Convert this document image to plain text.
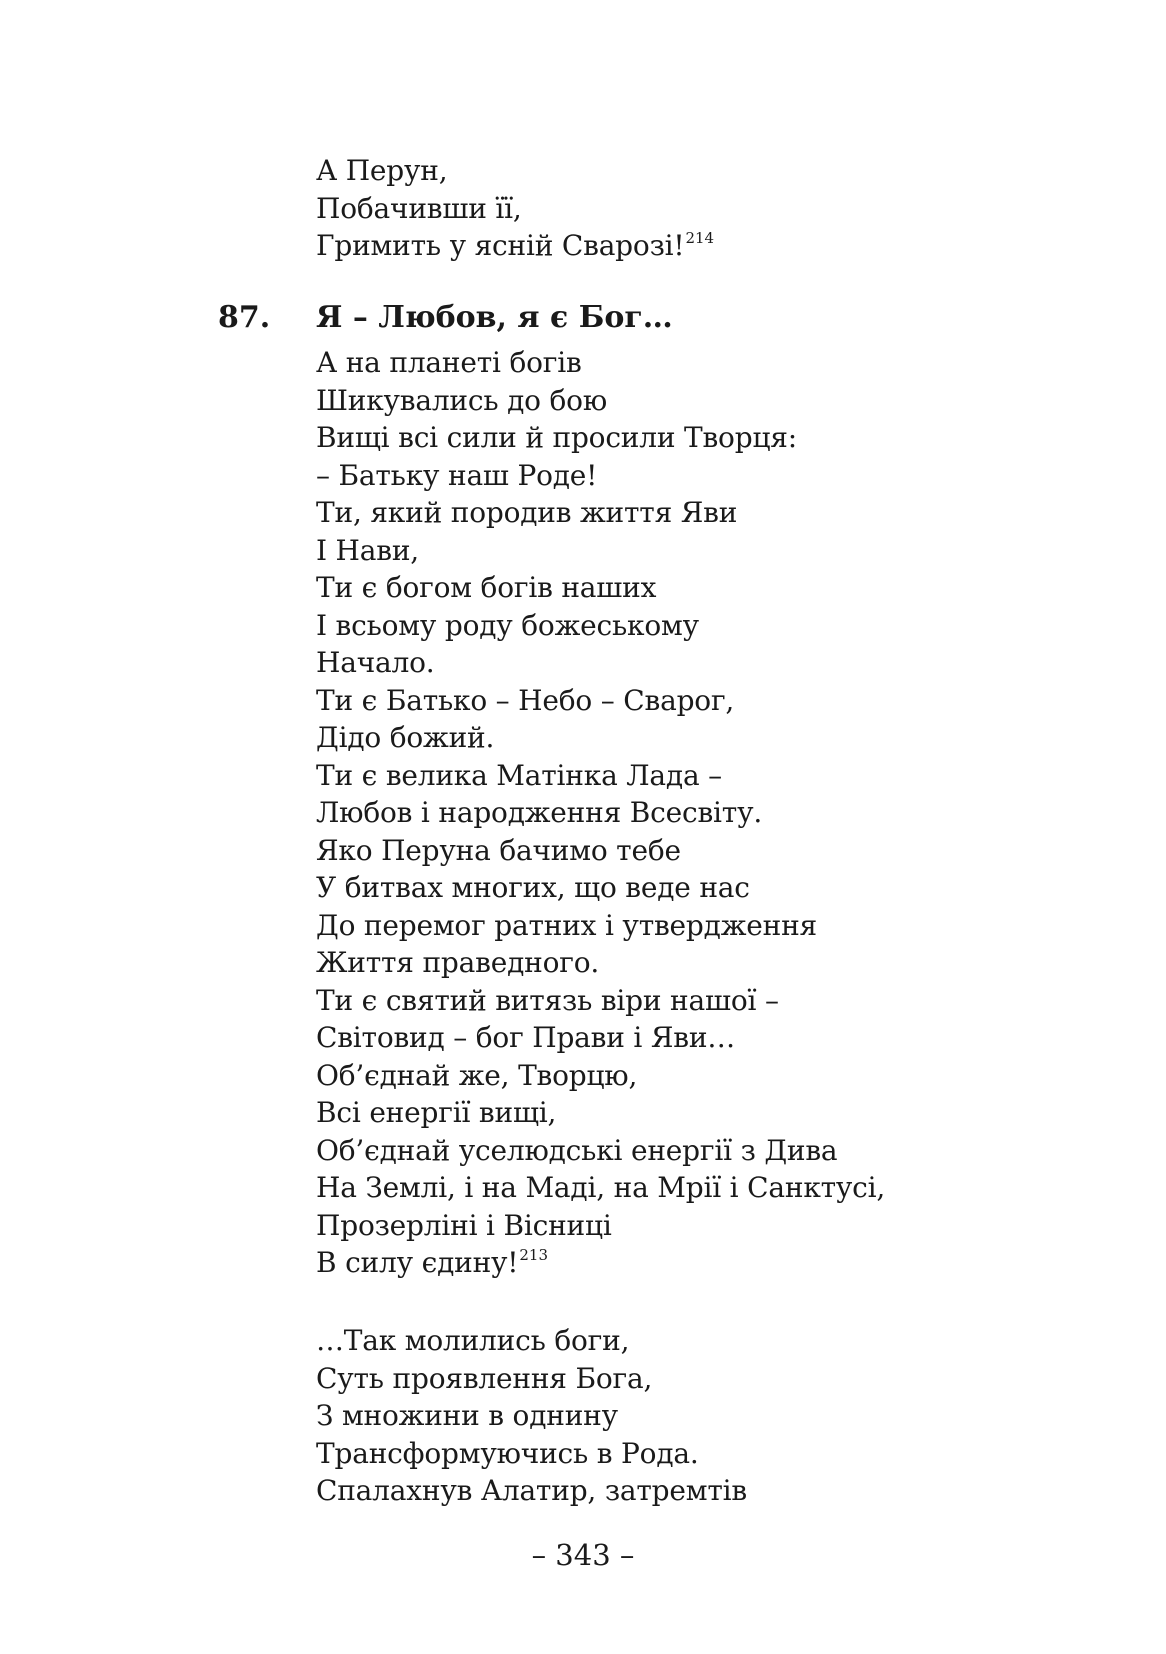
А Перун,
Побачивши її,
Гримить у ясній Сварозі!$^{214}$
87. Я – Любов, я є Бог…
А на планеті богів
Шикувались до бою
Вищі всі сили й просили Творця:
– Батьку наш Роде!
Ти, який породив життя Яви
І Нави,
Ти є богом богів наших
І всьому роду божеському
Начало.
Ти є Батько – Небо – Сварог,
Дідо божий.
Ти є велика Матінка Лада –
Любов і народження Всесвіту.
Яко Перуна бачимо тебе
У битвах многих, що веде нас
До перемог ратних і утвердження
Життя праведного.
Ти є святий витязь віри нашої –
Світовид – бог Прави і Яви…
Об’єднай же, Творцю,
Всі енергії вищі,
Об’єднай уселюдські енергії з Дива
На Землі, і на Маді, на Мрії і Санктусі,
Прозерліні і Вісниці
В силу єдину!$^{213}$
…Так молились боги,
Суть проявлення Бога,
З множини в однину
Трансформуючись в Рода.
Спалахнув Алатир, затремтів
– 343 –
